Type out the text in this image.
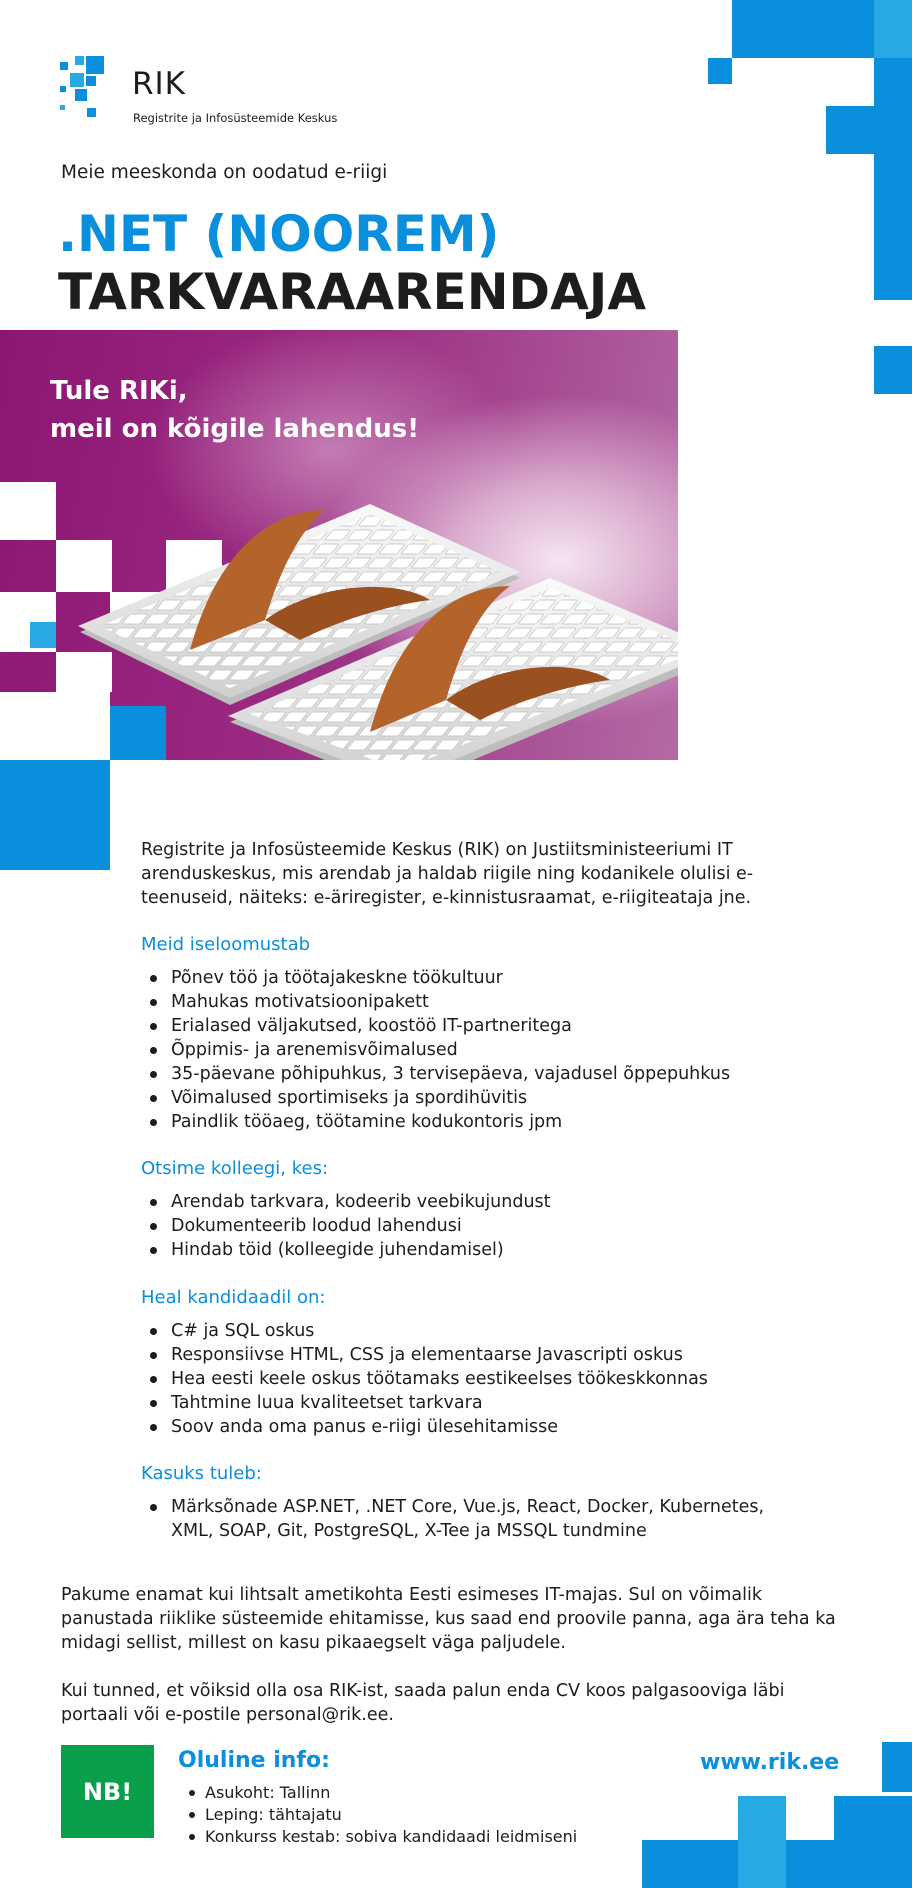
RIK
Registrite ja Infosüsteemide Keskus
Meie meeskonda on oodatud e-riigi
.NET (NOOREM)
TARKVARAARENDAJA
Tule RIKi,
meil on kõigile lahendus!
Registrite ja Infosüsteemide Keskus (RIK) on Justiitsministeeriumi IT arenduskeskus, mis arendab ja haldab riigile ning kodanikele olulisi e-teenuseid, näiteks: e-äriregister, e-kinnistusraamat, e-riigiteataja jne.
Meid iseloomustab
Põnev töö ja töötajakeskne töökultuur
Mahukas motivatsioonipakett
Erialased väljakutsed, koostöö IT-partneritega
Õppimis- ja arenemisvõimalused
35-päevane põhipuhkus, 3 tervisepäeva, vajadusel õppepuhkus
Võimalused sportimiseks ja spordihüvitis
Paindlik tööaeg, töötamine kodukontoris jpm
Otsime kolleegi, kes:
Arendab tarkvara, kodeerib veebikujundust
Dokumenteerib loodud lahendusi
Hindab töid (kolleegide juhendamisel)
Heal kandidaadil on:
C# ja SQL oskus
Responsiivse HTML, CSS ja elementaarse Javascripti oskus
Hea eesti keele oskus töötamaks eestikeelses töökeskkonnas
Tahtmine luua kvaliteetset tarkvara
Soov anda oma panus e-riigi ülesehitamisse
Kasuks tuleb:
Märksõnade ASP.NET, .NET Core, Vue.js, React, Docker, Kubernetes, XML, SOAP, Git, PostgreSQL, X-Tee ja MSSQL tundmine
Pakume enamat kui lihtsalt ametikohta Eesti esimeses IT-majas. Sul on võimalik panustada riiklike süsteemide ehitamisse, kus saad end proovile panna, aga ära teha ka midagi sellist, millest on kasu pikaaegselt väga paljudele.
Kui tunned, et võiksid olla osa RIK-ist, saada palun enda CV koos palgasooviga läbi portaali või e-postile personal@rik.ee.
NB!
Oluline info:
Asukoht: Tallinn
Leping: tähtajatu
Konkurss kestab: sobiva kandidaadi leidmiseni
www.rik.ee
